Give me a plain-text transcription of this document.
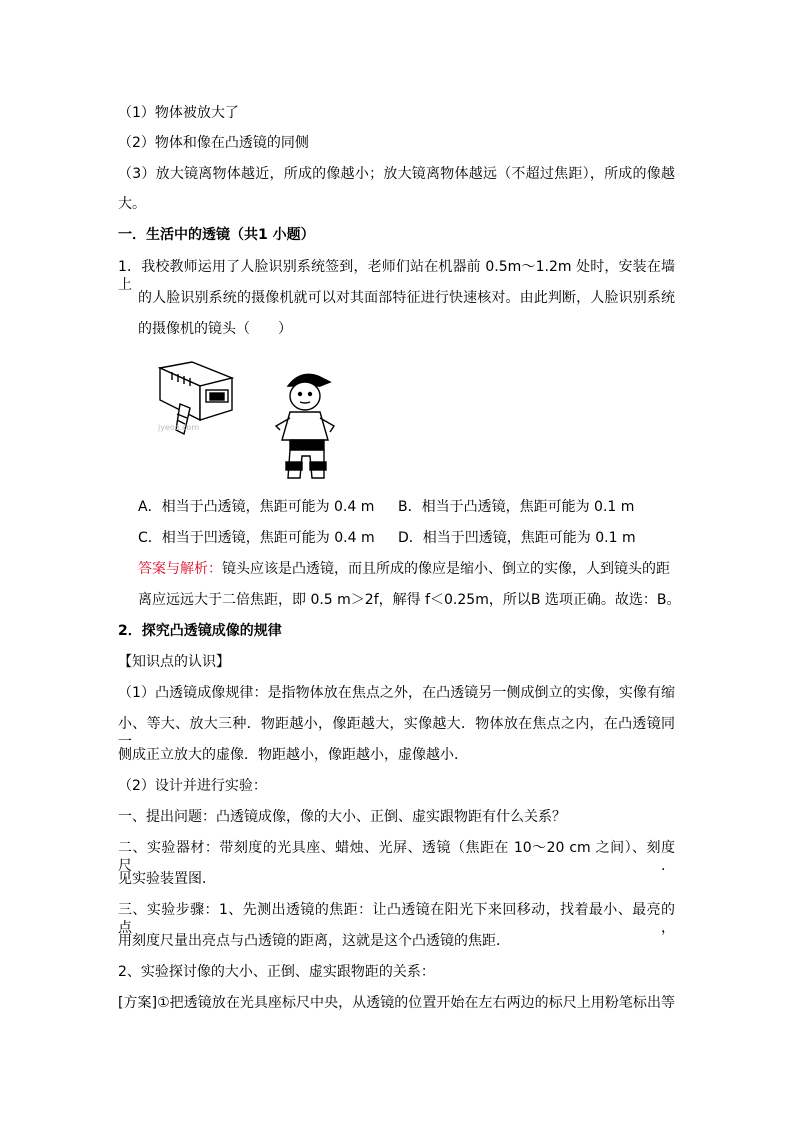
（1）物体被放大了
（2）物体和像在凸透镜的同侧
（3）放大镜离物体越近，所成的像越小；放大镜离物体越远（不超过焦距），所成的像越
大。
一．生活中的透镜（共1 小题）
1．我校教师运用了人脸识别系统签到，老师们站在机器前 0.5m～1.2m 处时，安装在墙上
的人脸识别系统的摄像机就可以对其面部特征进行快速核对。由此判断，人脸识别系统
的摄像机的镜头（　　）
jyeoo.com
A．相当于凸透镜，焦距可能为 0.4 m B．相当于凸透镜，焦距可能为 0.1 m
C．相当于凹透镜，焦距可能为 0.4 m D．相当于凹透镜，焦距可能为 0.1 m
答案与解析：镜头应该是凸透镜，而且所成的像应是缩小、倒立的实像，人到镜头的距
离应远远大于二倍焦距，即 0.5 m＞2f，解得 f＜0.25m，所以B 选项正确。故选：B。
2．探究凸透镜成像的规律
【知识点的认识】
（1）凸透镜成像规律：是指物体放在焦点之外，在凸透镜另一侧成倒立的实像，实像有缩
小、等大、放大三种．物距越小，像距越大，实像越大．物体放在焦点之内，在凸透镜同一
侧成正立放大的虚像．物距越小，像距越小，虚像越小．
（2）设计并进行实验：
一、提出问题：凸透镜成像，像的大小、正倒、虚实跟物距有什么关系？
二、实验器材：带刻度的光具座、蜡烛、光屏、透镜（焦距在 10～20 cm 之间）、刻度尺．
见实验装置图．
三、实验步骤：1、先测出透镜的焦距：让凸透镜在阳光下来回移动，找着最小、最亮的点，
用刻度尺量出亮点与凸透镜的距离，这就是这个凸透镜的焦距．
2、实验探讨像的大小、正倒、虚实跟物距的关系：
[方案]①把透镜放在光具座标尺中央，从透镜的位置开始在左右两边的标尺上用粉笔标出等
